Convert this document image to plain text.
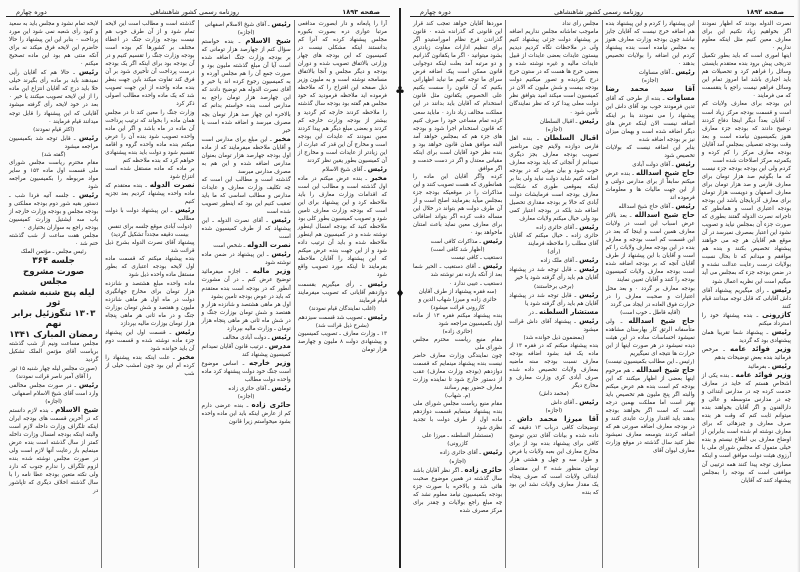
صفحه ۱۸۹۳
روزنامه رسمی کشور شاهنشاهی
دوره چهارم

آرا را پابعانه و دار ابصورت مدافعی مرتبا عواری دره بصورت بکبوره مجلس پیشنهاد کرده که آنرا کم بدانستند اینکه مشکلی نیست در کمیسیون که این بودجه های چهار وزارتی بالاتفاق تصویب شده و دوران بودجه و دیگر مجلس و آنجا بالاتفاق مسامحه نوشته است و به ملیون وزیر ذیل صفحه این اقتراح را که ملاحظه فرموده اید ملاحظه فرمودید که خود مجلس هم گفته بود بودجه سال گذشته را ملاحظه کردند خارجه کم گردید و بیشتر از بودجه وزارت خارجه کم کردند و بعضی مبلغ دیگر هم پیدا کردند معین نمودند که عایدات این بودجه است و مخارج آن این قدر که عبارت از این زیادتر از عایدات است و مخارج از آن کمیسیون بطور یقین نظر کردند

رئیس ـ آقای شیخ الاسلام

مخبر ـ بنده عرض میکنم در ماده اول گذشته است و مطالب این است که اقدامات وزارت معارف را باید ملاحظه کرد و این پیشنهاد برای این است که بودجه وزارت معارف تامین شود و تصویب کمیسیون بطور کلی بود

ملاحظه کنید که بودجه امسال اینطور نوشته شده و در کمیسیون هم اینطور ملاحظه شده و باید آن ترتیب داده شود و از این جهت بنده عرض میکنم که این پیشنهاد را آقایان ملاحظه بفرمایند تا اینکه مورد تصویب واقع شود

رئیس ـ رأی میگیریم بقسمت دوازدهم آقایانی که تصویب میفرمایند قیام فرمایند

(اغلب نمایندگان قیام نمودند)

رئیس ـ تصویب شد قسمت سیزدهم

(بشرح ذیل قرائت شد)

۱۳ ـ وزارت معارف ـ تصویب کمیسیون و پیشنهادی دولت ۸ ملیون و چهارصد هزار تومان

رئیس ـ آقای شیخ الاسلام اصفهانی

(اجازه)

شیخ الاسلام ـ بنده خواستم سؤال کنم از جهارصد هزار تومانی که بر بودجه وزارت جنگ اضافه شده است آیا آن مبلغ گذشته ملیون بود و صورت جمع آن را هم مجلس آورده و به کمیسیون رجوع کرده اند یا خیر و آقای نصرت الدوله هم توضیح دادند که این چهارصد هزار تومان راجع به مدارس است بنده خواستم بدانم که بالاخره این چهار صد هزار تومان بچه مصرف میرسد و اضافه شده است یا خیر

مخبر ـ این مبلغ برای مدارس است و آقایان ملاحظه میفرمایند که از ماده اول بودجه جهارصد هزار تومان بعنوان مدارس اضافه شده و این هم به مصرف مدارس میرسد

گذشته است و مطالب این است که چه تکلیف وزارت معارف و عایدات مدارس و مطالب اساسی که ما باید تعقیب کنیم این بود که اینطور تصویب شده است

رئیس ـ آقای نصرت الدوله ـ این پیشنهاد که از طرف کمیسیون شده است

نصرت الدوله ـ شخص است

رئیس ـ این پیشنهاد در ضمن ماده نوشته شود

وزیر مالیه ـ اجازه میفرمائید توضیح عرض کنم ـ در آن مشورت آنطور که در بودجه است بنده معتقدم که باید در عوض بودجه تامین بشود

اول هر ماهی هشتصد و شانزده هزار و هفتصد و شش تومان بوزارت جنگ و در شش ماه ثانی هر ماهی پنجاه هزار تومان ـ وزارت مالیه بپردازد

رئیس ـ دولت آبادی مخالف

مدرس ـ ترتیب قانون آقایان نمیدانم کمیسیون پیشنهاد کند

وزیر خارجه ـ اساس موضوع است جنگ خود دولت پیشنهاد کرد ماده واحده دولت مطالب

رئیس ـ آقای حائری زاده

(اجازه)

حائری زاده ـ بنده عرضی دارم کم از عارض اینکه باید این ماده واحده بشود میخواستم زیرا قانون

گذشته است و مطالب است این لایحه تمام شود و از آن طرف خوب هم نیست بودجه وزارت جنگ در اعطاء مختلف بر کشورها کم بوده است بودجه وزارت جنگ را تقسیم کنیم و در آن بودجه بود برای اینکه اگر یک بودجه درست پرداخت آن تأخیری شود بر آن فرق کند تفاوت میکند باین جهت بنظر بنده ماده واحده از این جهت تصویب شد که یک ماده واحده مطالب اصولی ذکر کرد

وزارت جنگ را معین کند تا در مجلس همان ماده را بخواند که ترتیب پرداخت آن ماده در ماه باشد و اگر این ماده واحده تصویب شود بنده آن را عرض میکنم بنده ماده واحده گروه و اقامه تقسیم شود و دولت باید بنده پیشنهادی خواهم کرد که بنده ملاحظه کنم

بر ماده که ماده مستقل شده است انتزاع شود

نصرت الدوله ـ بنده معتقدم که ماده واحده پیشنهاد کردیم بعد تجزیه کنیم

رئیس ـ این پیشنهاد دولت با دولت مطالب

(دولت آبادی موقع جلسه برای تنفس بیست دقیقه مجدداً تشکیل گردید)

پیشنهاد آقای نصرت الدوله بشرح ذیل قرائت شد

بنده پیشنهاد میکنم که قسمت ماده اول لایحه بودجه اعتباری که بطور مستقل ماده واحده ذیل شود

ماده واحده مبلغ هشتصد و شانزده هزار تومان برای مخارج جهانگیری دولت در ماه اول هر ماهی شانزده ملیون و هفتصد و شش تومان بوزارت جنگ و در ماه ثانی هر ماهی پنجاه هزار تومان بوزارت مالیه بپردازد

رئیس ـ قسمت اول این پیشنهاد جزء ماده نوشته شده و قسمت دوم آن باید خوانده شود

مخبر ـ علت اینکه بنده پیشنهاد را کرده ام این بود چون امشب خیلی از شب

لایحه تمام نشود و مجلس باید به سعید و کبود رأی شعبه نمی شود این مورد پرداخت ٠ بنابر این این پیشنهاد را حالا حاضرم این لایحه فرق میکند نه برای آنکه منتی هم بود این ماده تصحیح میکنم ٠

رئیس ـ حالا هم که آقایان رأیی نمیدهند باید بر ماده رأی بگیرند خیلی خلا باید درج که آقایان انتزاع این ماده را از این لایحه تصویب میکنند یا خیر ٠ بعد در خود لایحه رأی گرفته میشود آقایانی که این پیشنهاد را قابل توجه میدانند قیام فرمایند ٠

(اکثر قیام نمودند)

رئیس ـ قابل توجه شد بکمیسیون مراجعه میشود

(گفته شد)

مقام محترم ریاست مجلس شورای ملی قسمت اول ماده ۱۵۳ و سایر مواد مربوطه را بکمیسیون مراجعه شود

رئیس ـ جلسه آتیه فردا شب ـ دستور بقیه شور دوم بودجه مملکتی و بودجه مجلس و بودجه وزارت خارجه از باب سه ایشتیل وزارت کمیسیون بودجه راجع به سواران بختیاری ٠

مجلس هفت ساعت از شب گذشته ختم شد ٠

رئیس مجلس ـ مؤتمن الملک

جلسه ۳۶۴
صورت مشروح مجلس
لیله پنج شنبه ششم ثور
۱۳۰۳ تنگوزئیل برابر نهم
رمضان المبارک ۱۳۴۱

مجلس مساعت ونیم از شب گذشته بریاست آقای مؤتمن الملک تشکیل گردید

(صورت مجلس لیله چهار شنبه ۱۵ ثور را آقای آمیر ناصر قرائت نمودند)

رئیس ـ در صورت مجلس مخالفی وارد است آقای شیخ الاسلام اصفهانی

(اجازه)

شیخ الاسلام ـ بنده لازم دانستم که در آخرین قسمت های بودجه ایران اینکه تلگراف وزارت داخله لازم است والبته اینکه بودجه امسال وزارت داخله کمتر از سال گذشته است بنده عرض مینمایم باز رعایت آنها لازم است ولی در صورت مجلس نوشته شده بنده لزوم تلگراف را ندارم جنوب که دارد ولی نکته متعین بودجه عطا نامه را با سال گذشته اخلاف دیگری که تاپاشور در

صفحه ۱۸۹۲
روزنامه رسمی کشور شاهنشاهی
دوره چهارم

نصرت الدوله بودند که اظهار نمودند اگر بخواهیم زیاد نکنیم این برای معارف معین کنیم مثل اینکه معلوم نداریم ٠

اینها اموری است که باید بطور تکمیل تدریجی پیش برود بنده معتقدم بایستی وسائل را فراهم کرد و تحصیلات هم باید اجباری باشد اما امروز تمام این وسائل فراهم نیست راجع با ینقسمت که می فرمایند ٠

این بودجه برای معارف ولایات کم است و قسمت بودجه مرکز زیاد است ٠ آقایان بعداً دیگر اینجا دفاع کردند توضیح دادند که بودجه جزء معارف هنوز بکمیسیون نیامده است و بعد وقت بودجه تفصیلی بمجلس آمد آقایان بودجه معارف مرکز را کم کرده و یکمرتبه مرکز اصلاحات شده است

کردم ولی این بودجه بودجه جزء نیست که ما بگوئیم صد هزار تومان برای معارف فارس و صد هزار تومان برای معارف اصفهان و دویست هزار تومان برای معارف آذربایجان باشد این بودجه بودجه اعتباری است و همانطور که تاجرانه نصرت الدوله گفتند بطوری که صورت جزء آن بمجلس نیاید و تصویب نشود این اعتبار بمصرف نمیرسد در آن موقع هم آقایان هر چه می خواهند پیشنهاد تخصیص بکنند و بنده هم موافقم و میدانم که تا بحال نسبت بولایات درست رعایت عدالت نشده و در ضمن بودجه جزء که بمجلس می آید میگیم است این نظریه اعمال شود

رئیس ـ رأی میگیریم پیشنهاد آقای داش آقایانی که قابل توجه میدانند قیام کنند

کازرونی ـ بنده پیشنهاد خود را استرداد میکنم

رئیس ـ پیشنهاد شما تقریبا همان پیشنهادی بود که گردید

وزیر فوائد عامه ـ مرخص فرمائید بنده بعض توضیحات بدهم

رئیس ـ بفرمائید

وزیر فوائد عامه ـ بنده یکی از اشخاص هستم که خاید در معارف خدمت کرده چه در مدارس ابتدائی و چه در مدارس متوسطه و عالی و دارالفنون و اگر آقایان بخواهند بنده میتوانم ثابت کنم که وقت هر بنده صرف معارف و چیزهائی که برای معارف نوشته ام شده است بنابراین از اوضاع معارف بی اطلاع نیستم و بنده خیلی متمول که مجلس شورای ملی با آرزوی هیئت دولت موافق است و اینکه مصارف توجه پیدا کنند همه ترتیبی آن موافقی است که بودجه را بمجلس پیشنهاد کنند که آقایان

این پیشنهاد را کردم و این پیشنهاد بنده هم اضافه خرج نیست که آقایان جایز نباشد چون بودجه وزارت معارف هنوز به مجلس نیامده است بنده پیشنهاد کردم این اضافه را بولایات تخصیص بدهند ٠

رئیس ـ آقای مساوات

(اجازه)

آقا سید محمد رضا مساوات ـ بنده از طرحی که آقای تدین فرمودند خوب بود آقای داش این پیشنهاد را می نمودند بنا بر اینکه اضافه نیست الان اینکه عرض های دیگر اضافه شده است و بهمان میزان نیز بر بودجه اضافه شده

بنابر این اضافه نیست که بولایات تخصیص شود

رئیس ـ آقای دولت آبادی

حاج شیخ اسدالله ـ بنده عرض میکنم سابقاً از برای مدارس دولتی و از این جهت مالیات ها و معلومات فرموده اند

رئیس ـ آقای حاج شیخ اسدالله

حاج شیخ اسدالله ـ بعد بالاتر عرض اسباب این است در ولایات معارف همین است و اینجا که بعد در این قسمت کم است بودجه و معارف بنده در این بودجه معارف ولایات را کم است و آقایان با این پیشنهاد از طرف آقایان آنچه که بر بودجه اضافه شده است بودجه معارف ولایات کمیسیون بودجه را کنند و آقایان تعیین نمایند

بودجه معارف بر گردد ٠ و بعد محل اعتبارات و صحبت معارف را در حرارت فوق العاده در ایجاد می گردد

(آقایه قاطل ـ خوب است)

حاج شیخ اسدالله ـ ولی متأسفانه الرتق کار بهارستان مشاهده نمیشود احساسات ساده در این هیئت دیده نمیشود در هر صورت اینها از این حرارت ها نتیجه ای نمیگیریم

(رئیس ـ این مطالب بکمیسیون نیست)

حاج شیخ اسدالله ـ هم مرحوم اینها بعضی از اظهار میکنند که این بودجه کم است بنده هم عرض میکنم والبته اگر پنج ملیون هم تخصیص باید بهتر است اما مملکت بهمین درجه است که است اگر بخواهند بودجه بدهند باید اقتدار وزارت عایدی کنند و در بودجه معارف اضافه صورتی هم که اضافه کردند بتوسعه معارف نمیشود نظر کنید سال گذشته در موقع وزارت معارف لیوان آقای

مجلس رأی نداد

ماموجب تعاشانه مجلس نداریم اضافه بر پیشنهاد دولت جزئی پیشنهاد کنیم ولی در ملاحظات نگاه کردیم دیدیم بیستون عایدات بعضی عایدات از قبیل عایدات مالیه و غیره نوشته شده و بعضی خرج ها هست که در ستون خرج درج نگردیده و تصور میکنیم دولت بودجه بیست و شش ملیون که الان در کمیسیون است میکند امید بتوافق نظر دولت معلی پیدا کرد که نظر نمایندگان تأمین شود ٠

رئیس ـ اقبال السلطان

(اجازه)

اقبال السلطان ـ بنده اهل فارس دوازده ولایتم چون مرتاضیر تصویب بودجه معارف بجز دیگری نمیدانم از آنجائی که باید بودجه معارف خوب شود و بیان موئی که در بودجه اضافه کنیم شاید دولت نباید ولی بنا بر اینکه بموقعی طوری که شکایت معارف بودجه است فرمایشات دولت آبادی که حالا بر بودجه مقداری تحصیل اضافه شد بلکه در بودجه اعتبار کمی بود ولی خیال میکنم ولایات معارف

رئیس ـ آقای حائری زاده

حائری زاده ـ خیال میکنم که آقایان آقای مطلب را ملاحظه فرمایند

(رأی)

رئیس ـ آقای ملک زاده

رئیس ـ قابل توجه شد در پیشنهاد آقایان هم باید رأی گرفته شود یا خیر

(برخی برخاستند)

رئیس ـ قابل توجه شد در پیشنهاد آقایان هم باید رأی گرفته شود یا

مستشار السلطنه ـ در

رئیس ـ پیشنهاد آقای داش قرائت میشود

(بمضمون ذیل خوانده شد)

بنده پیشنهاد میکنم که در فقره ۱۳ از ماده یک قید بشود اضافه بودجه معارف نسبت بودجه سنه ماضیه بمعارف ولایات تخصیص داده شده صرف آبادی کری وزارت معارف و مخارج دیگر

(محمد داش)

رئیس ـ آقای داش

(اجازه)

آقا میرزا محمد داش ـ توضیحات کافی درباب ۱۳ دقیقه که داده شده و بیانات آقای تدین توضیح کافی برای پیشنهاد بنده بود از برای مخارج معارف این بعبه ولایات یا فرض و طول سه و چهل و هشتی هزار تومان منظور شده ۳ این مقتضای ابتدائی ولایات است که صرف پنجاه یک مقدار معارف ولایات نشد این بود که بنده

موردها آقایان خواهد تعجب کند قرار این قانونی که گذرانده شده ۰ قانون گذراندن فرع نظام اموراستیدو اگر برای تنظیم ادارات مفاوت زیادتری بشود میتوانید ۰ اگر ما یکقانون گذرانیم و دو مرتبه آمد بعلت اینکه دوجوابی قانون ممکن است پیک اضافه فرض سرای ما توجه کنیم ما نباید اظهارانی بکنیم که آن قانون را سست بکنیم علی الخصوص یکقانون مثل قانون استخدام که آقایان باید بدانند در این مملکت مخالف زیاد دارد ۰ ماباید سعی کرده تمام مساعی خود را صرف کنیم که قانون استخدام اجرا شود و بودجه های جزء هم که بمجلس خواهد آمد البته موافق همان قانون خواهد بود و بنده نظر خود آقایان است برای اینکه مقیاس معتدل و اگر در دست خدمت و اگر موافق

کرده واگر آقایان این ماده را همانطوری که هست تصویب کنند و این مذاکرات را در موقعیکه بودجه جزء بمجلس میآید بفرمایند اصلح است و از آن طرف دولت هم بتواند در خلال این مساله دقت کرده اگر بتواند اضافاتی برای معارف معین نماید باعث امتنان ماخواهد بود ٠

رئیس ـ مذاکرات کافی است

(اظهار شد کافی است)

دستغیب ـ کافی نیست

رئیس ـ آقای دستغیب ـ الحیر شما بعد از آنکه بازده نفر نوشته شد

دستغیب ـ عیبی ندارد ٠

(سه فقره پیشنهاد از طرف آقایان حائری زاده و میرزا شهاب الدین و کازرونی قرائت میشود)

بنده پیشنهاد میکنم فقره ۱۳ از ماده اول بکمیسیون مراجعه شود

(حائری زاده)

مقام منیع ریاست محترم مجلس شورای ملی

چون نمایندگی وزارت معارف حاضر نیست بنده پیشنهاد مینمایم که قسمت دوازدهم (بودجه وزارت معارف) عقب از دستور خارج شود تا نماینده وزارت معارف حضور بهم رسانند

(م. شهاب)

مقام منیع ریاست مجلس شورای ملی بنده پیشنهاد مینمایم قسمت دوازدهم ماده اول از طرف دولت با تجدید نظری شود

(مستشار السلطنه ـ میرزا علی کازرونی)

رئیس ـ آقای حائری زاده

(اجازه)

حائری زاده ـ اگر نظر آقایان باشد سال گذشته در همین موضوع صحبت هائی شد و بالاخره با صورت جزء بودجه بکمیسیون نیامد معلوم نشد که چه مبلغ راجع بولایات و چقدر برای مرکز مصرف شده

♣
♦
